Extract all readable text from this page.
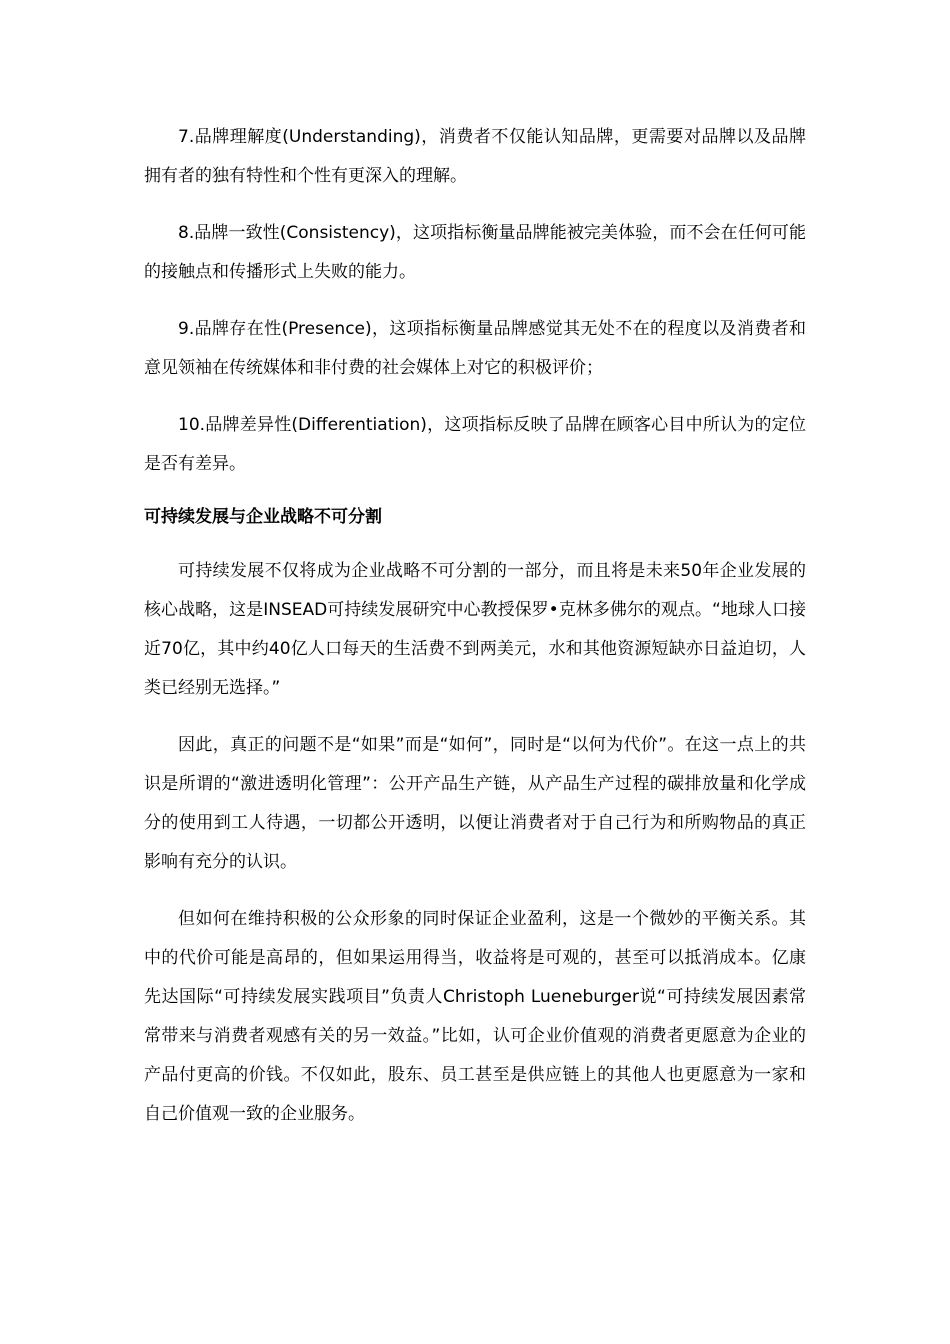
7.品牌理解度(Understanding)，消费者不仅能认知品牌，更需要对品牌以及品牌拥有者的独有特性和个性有更深入的理解。

8.品牌一致性(Consistency)，这项指标衡量品牌能被完美体验，而不会在任何可能的接触点和传播形式上失败的能力。

9.品牌存在性(Presence)，这项指标衡量品牌感觉其无处不在的程度以及消费者和意见领袖在传统媒体和非付费的社会媒体上对它的积极评价；

10.品牌差异性(Differentiation)，这项指标反映了品牌在顾客心目中所认为的定位是否有差异。

可持续发展与企业战略不可分割

可持续发展不仅将成为企业战略不可分割的一部分，而且将是未来50年企业发展的核心战略，这是INSEAD可持续发展研究中心教授保罗•克林多佛尔的观点。“地球人口接近70亿，其中约40亿人口每天的生活费不到两美元，水和其他资源短缺亦日益迫切，人类已经别无选择。”

因此，真正的问题不是“如果”而是“如何”，同时是“以何为代价”。在这一点上的共识是所谓的“激进透明化管理”：公开产品生产链，从产品生产过程的碳排放量和化学成分的使用到工人待遇，一切都公开透明，以便让消费者对于自己行为和所购物品的真正影响有充分的认识。

但如何在维持积极的公众形象的同时保证企业盈利，这是一个微妙的平衡关系。其中的代价可能是高昂的，但如果运用得当，收益将是可观的，甚至可以抵消成本。亿康先达国际“可持续发展实践项目”负责人Christoph Lueneburger说“可持续发展因素常常带来与消费者观感有关的另一效益。”比如，认可企业价值观的消费者更愿意为企业的产品付更高的价钱。不仅如此，股东、员工甚至是供应链上的其他人也更愿意为一家和自己价值观一致的企业服务。
